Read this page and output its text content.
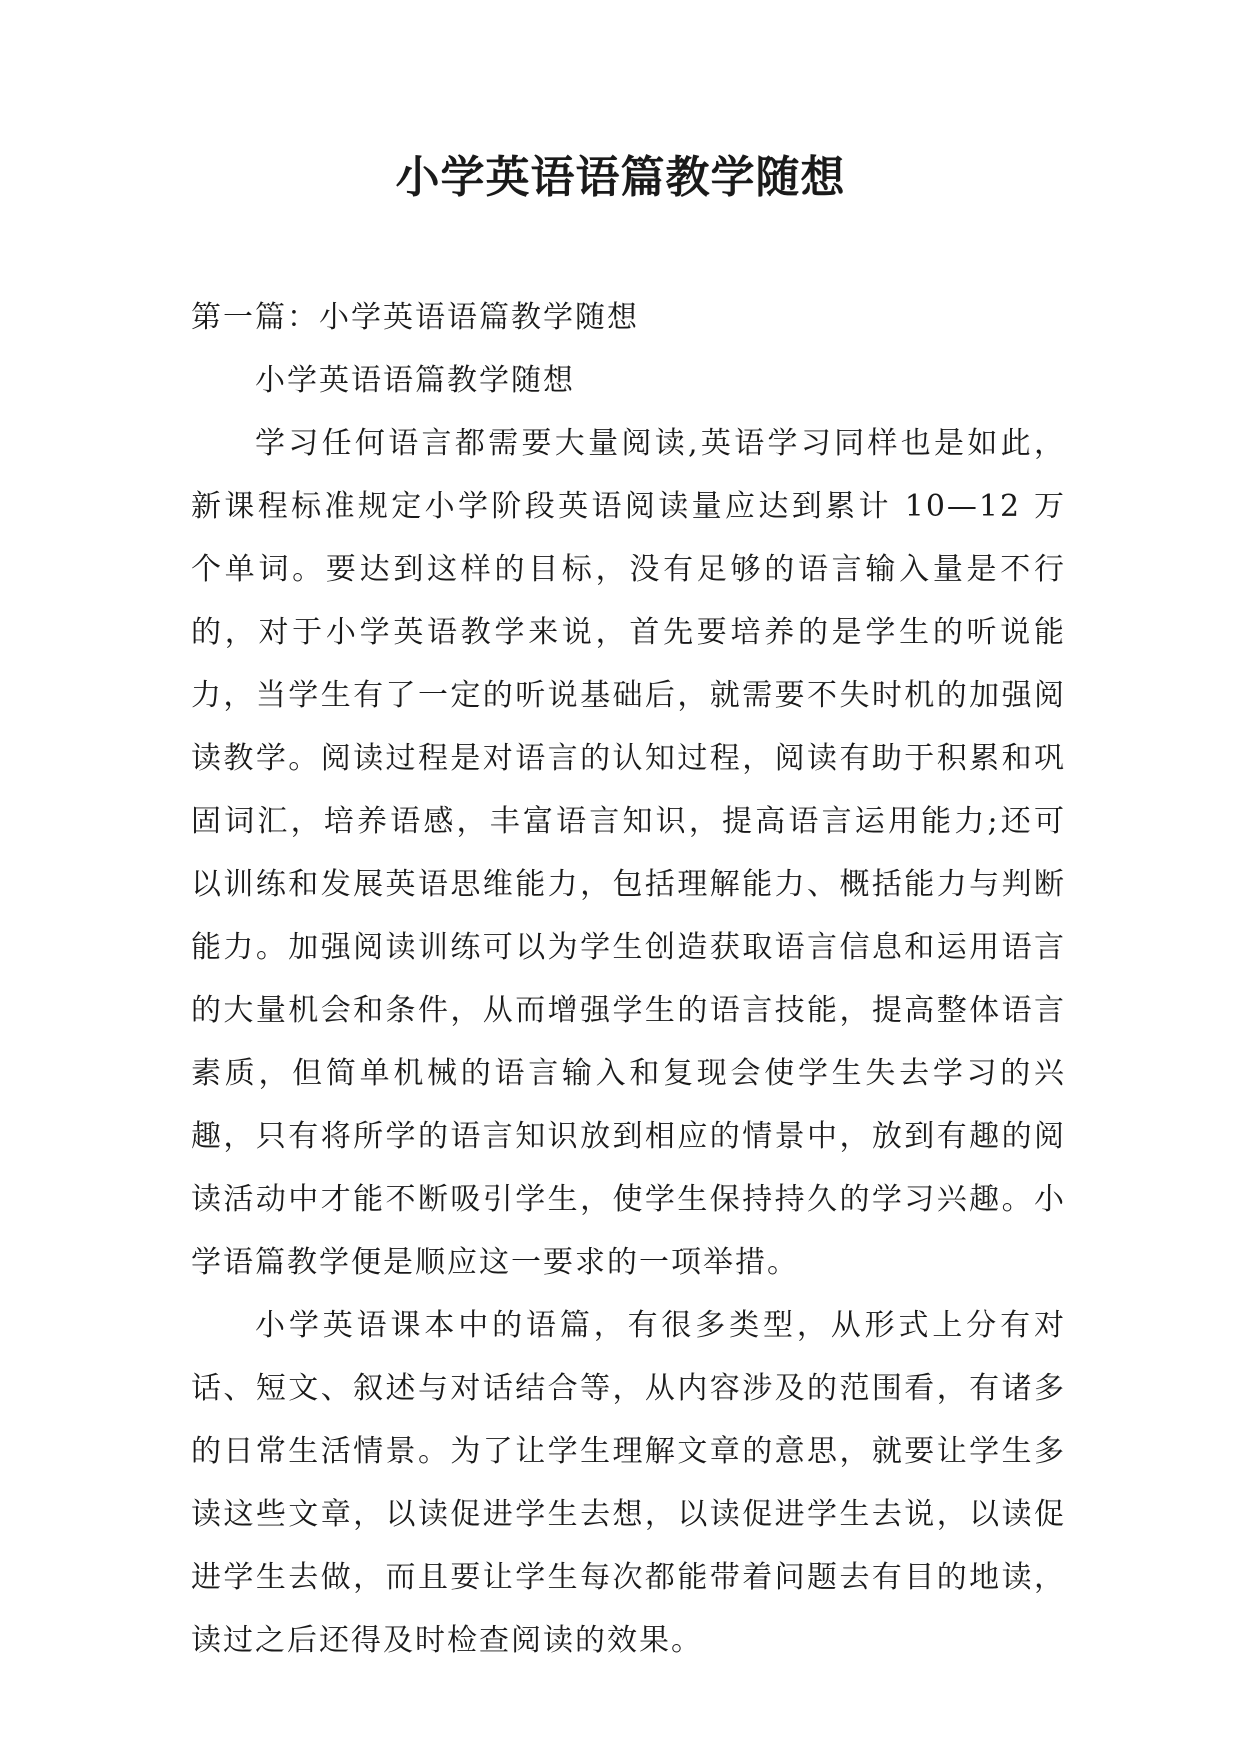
小学英语语篇教学随想

第一篇：小学英语语篇教学随想

小学英语语篇教学随想

学习任何语言都需要大量阅读,英语学习同样也是如此，新课程标准规定小学阶段英语阅读量应达到累计 10—12 万个单词。要达到这样的目标，没有足够的语言输入量是不行的，对于小学英语教学来说，首先要培养的是学生的听说能力，当学生有了一定的听说基础后，就需要不失时机的加强阅读教学。阅读过程是对语言的认知过程，阅读有助于积累和巩固词汇，培养语感，丰富语言知识，提高语言运用能力;还可以训练和发展英语思维能力，包括理解能力、概括能力与判断能力。加强阅读训练可以为学生创造获取语言信息和运用语言的大量机会和条件，从而增强学生的语言技能，提高整体语言素质，但简单机械的语言输入和复现会使学生失去学习的兴趣，只有将所学的语言知识放到相应的情景中，放到有趣的阅读活动中才能不断吸引学生，使学生保持持久的学习兴趣。小学语篇教学便是顺应这一要求的一项举措。

小学英语课本中的语篇，有很多类型，从形式上分有对话、短文、叙述与对话结合等，从内容涉及的范围看，有诸多的日常生活情景。为了让学生理解文章的意思，就要让学生多读这些文章，以读促进学生去想，以读促进学生去说，以读促进学生去做，而且要让学生每次都能带着问题去有目的地读，读过之后还得及时检查阅读的效果。
